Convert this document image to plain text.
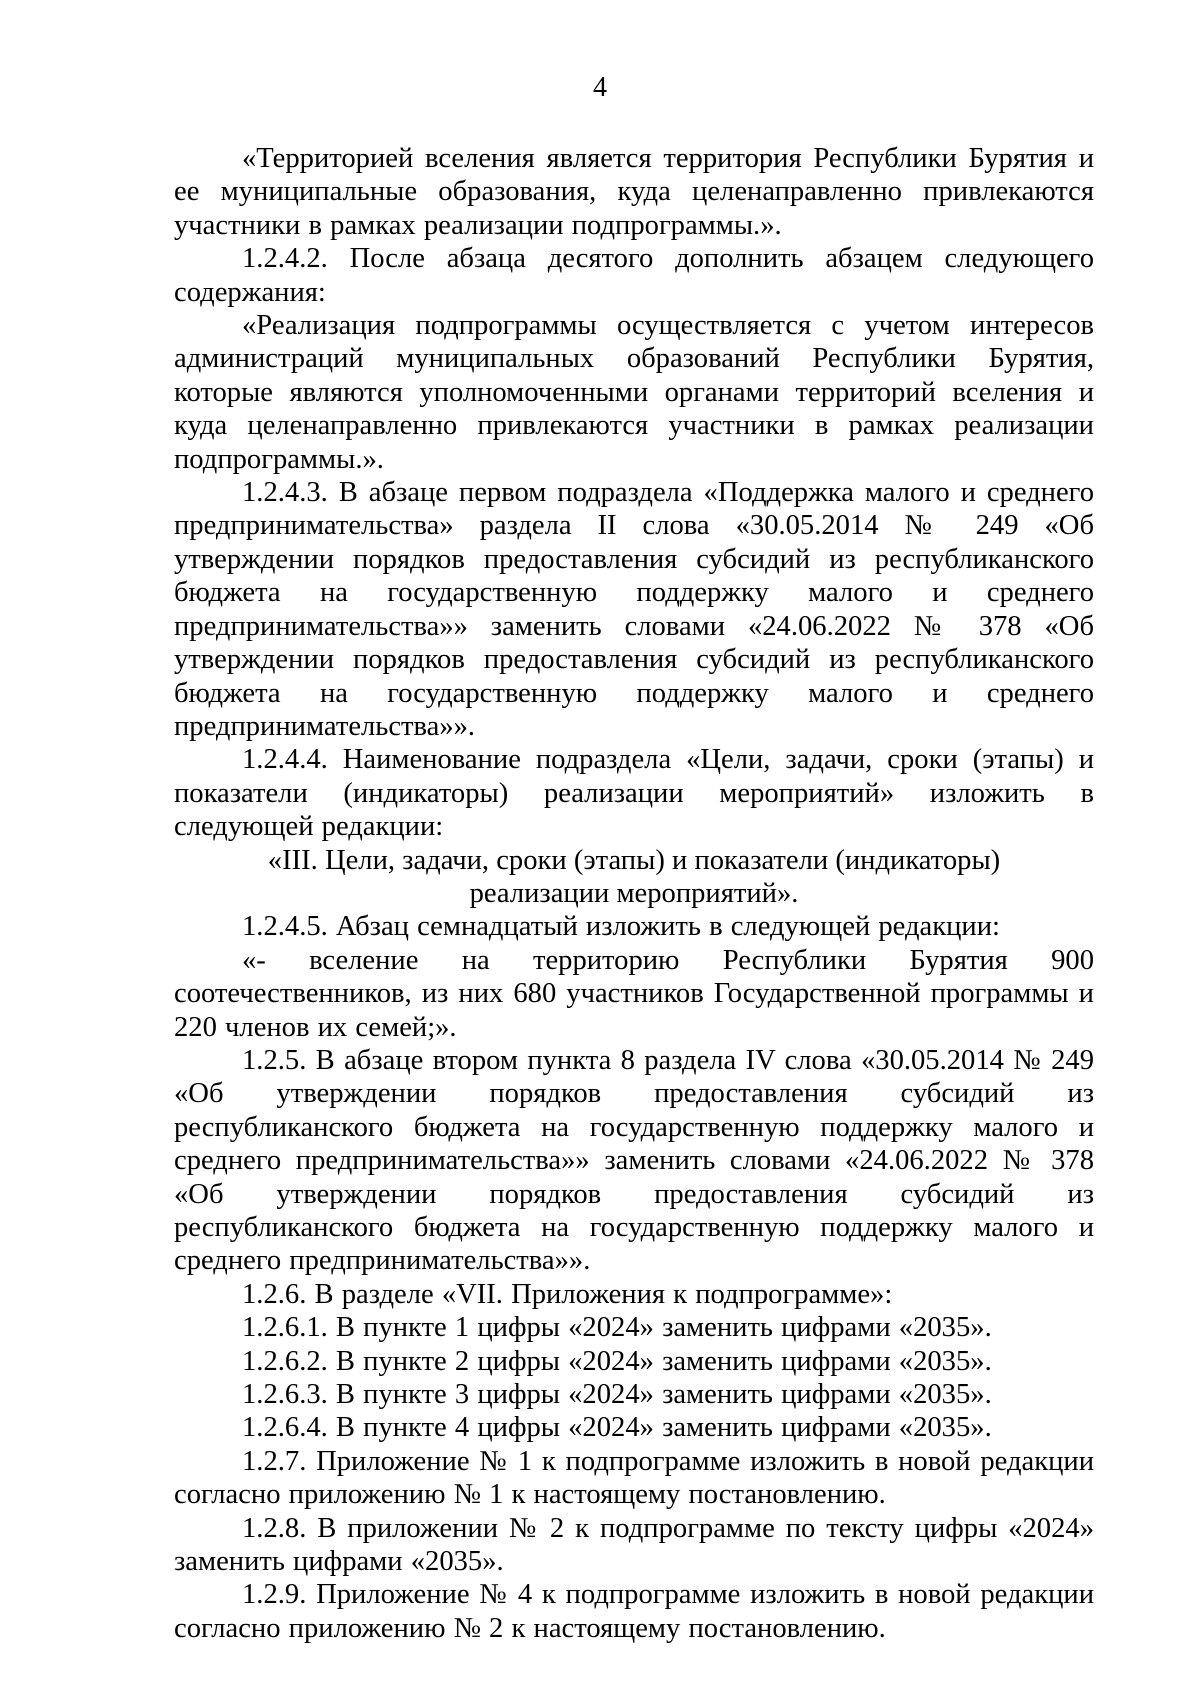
4

«Территорией вселения является территория Республики Бурятия и ее муниципальные образования, куда целенаправленно привлекаются участники в рамках реализации подпрограммы.».

1.2.4.2. После абзаца десятого дополнить абзацем следующего содержания:

«Реализация подпрограммы осуществляется с учетом интересов администраций муниципальных образований Республики Бурятия, которые являются уполномоченными органами территорий вселения и куда целенаправленно привлекаются участники в рамках реализации подпрограммы.».

1.2.4.3. В абзаце первом подраздела «Поддержка малого и среднего предпринимательства» раздела II слова «30.05.2014 № 249 «Об утверждении порядков предоставления субсидий из республиканского бюджета на государственную поддержку малого и среднего предпринимательства»» заменить словами «24.06.2022 № 378 «Об утверждении порядков предоставления субсидий из республиканского бюджета на государственную поддержку малого и среднего предпринимательства»».

1.2.4.4. Наименование подраздела «Цели, задачи, сроки (этапы) и показатели (индикаторы) реализации мероприятий» изложить в следующей редакции:

«III. Цели, задачи, сроки (этапы) и показатели (индикаторы)

реализации мероприятий».

1.2.4.5. Абзац семнадцатый изложить в следующей редакции:

«- вселение на территорию Республики Бурятия 900 соотечественников, из них 680 участников Государственной программы и 220 членов их семей;».

1.2.5. В абзаце втором пункта 8 раздела IV слова «30.05.2014 № 249 «Об утверждении порядков предоставления субсидий из республиканского бюджета на государственную поддержку малого и среднего предпринимательства»» заменить словами «24.06.2022 № 378 «Об утверждении порядков предоставления субсидий из республиканского бюджета на государственную поддержку малого и среднего предпринимательства»».

1.2.6. В разделе «VII. Приложения к подпрограмме»:

1.2.6.1. В пункте 1 цифры «2024» заменить цифрами «2035».

1.2.6.2. В пункте 2 цифры «2024» заменить цифрами «2035».

1.2.6.3. В пункте 3 цифры «2024» заменить цифрами «2035».

1.2.6.4. В пункте 4 цифры «2024» заменить цифрами «2035».

1.2.7. Приложение № 1 к подпрограмме изложить в новой редакции согласно приложению № 1 к настоящему постановлению.

1.2.8. В приложении № 2 к подпрограмме по тексту цифры «2024» заменить цифрами «2035».

1.2.9. Приложение № 4 к подпрограмме изложить в новой редакции согласно приложению № 2 к настоящему постановлению.
